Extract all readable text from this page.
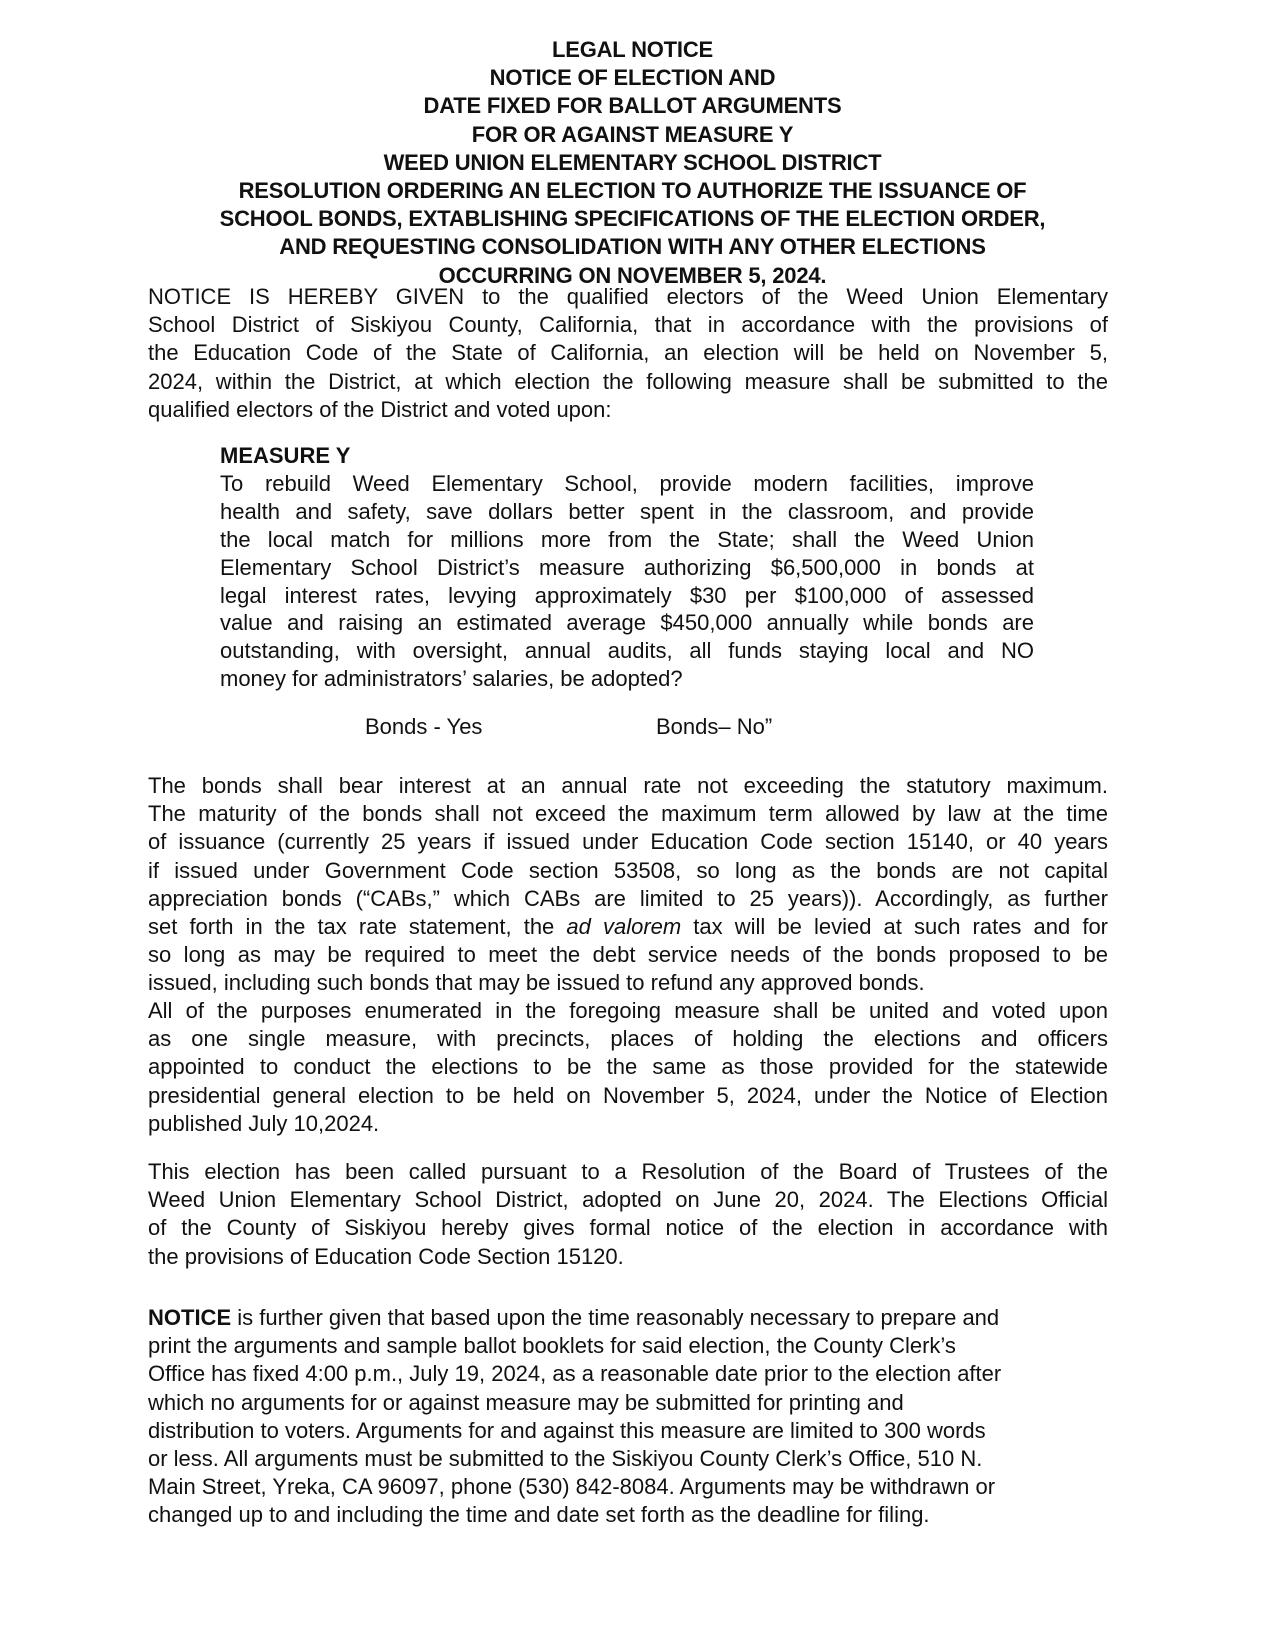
LEGAL NOTICE
NOTICE OF ELECTION AND
DATE FIXED FOR BALLOT ARGUMENTS
FOR OR AGAINST MEASURE Y
WEED UNION ELEMENTARY SCHOOL DISTRICT
RESOLUTION ORDERING AN ELECTION TO AUTHORIZE THE ISSUANCE OF
SCHOOL BONDS, EXTABLISHING SPECIFICATIONS OF THE ELECTION ORDER,
AND REQUESTING CONSOLIDATION WITH ANY OTHER ELECTIONS
OCCURRING ON NOVEMBER 5, 2024.
NOTICE IS HEREBY GIVEN to the qualified electors of the Weed Union Elementary
School District of Siskiyou County, California, that in accordance with the provisions of
the Education Code of the State of California, an election will be held on November 5,
2024, within the District, at which election the following measure shall be submitted to the
qualified electors of the District and voted upon:
MEASURE Y
To rebuild Weed Elementary School, provide modern facilities, improve
health and safety, save dollars better spent in the classroom, and provide
the local match for millions more from the State; shall the Weed Union
Elementary School District’s measure authorizing $6,500,000 in bonds at
legal interest rates, levying approximately $30 per $100,000 of assessed
value and raising an estimated average $450,000 annually while bonds are
outstanding, with oversight, annual audits, all funds staying local and NO
money for administrators’ salaries, be adopted?
Bonds - Yes	Bonds– No”
The bonds shall bear interest at an annual rate not exceeding the statutory maximum.
The maturity of the bonds shall not exceed the maximum term allowed by law at the time
of issuance (currently 25 years if issued under Education Code section 15140, or 40 years
if issued under Government Code section 53508, so long as the bonds are not capital
appreciation bonds (“CABs,” which CABs are limited to 25 years)). Accordingly, as further
set forth in the tax rate statement, the ad valorem tax will be levied at such rates and for
so long as may be required to meet the debt service needs of the bonds proposed to be
issued, including such bonds that may be issued to refund any approved bonds.
All of the purposes enumerated in the foregoing measure shall be united and voted upon
as one single measure, with precincts, places of holding the elections and officers
appointed to conduct the elections to be the same as those provided for the statewide
presidential general election to be held on November 5, 2024, under the Notice of Election
published July 10,2024.
This election has been called pursuant to a Resolution of the Board of Trustees of the
Weed Union Elementary School District, adopted on June 20, 2024. The Elections Official
of the County of Siskiyou hereby gives formal notice of the election in accordance with
the provisions of Education Code Section 15120.
NOTICE is further given that based upon the time reasonably necessary to prepare and
print the arguments and sample ballot booklets for said election, the County Clerk’s
Office has fixed 4:00 p.m., July 19, 2024, as a reasonable date prior to the election after
which no arguments for or against measure may be submitted for printing and
distribution to voters. Arguments for and against this measure are limited to 300 words
or less. All arguments must be submitted to the Siskiyou County Clerk’s Office, 510 N.
Main Street, Yreka, CA 96097, phone (530) 842-8084. Arguments may be withdrawn or
changed up to and including the time and date set forth as the deadline for filing.
